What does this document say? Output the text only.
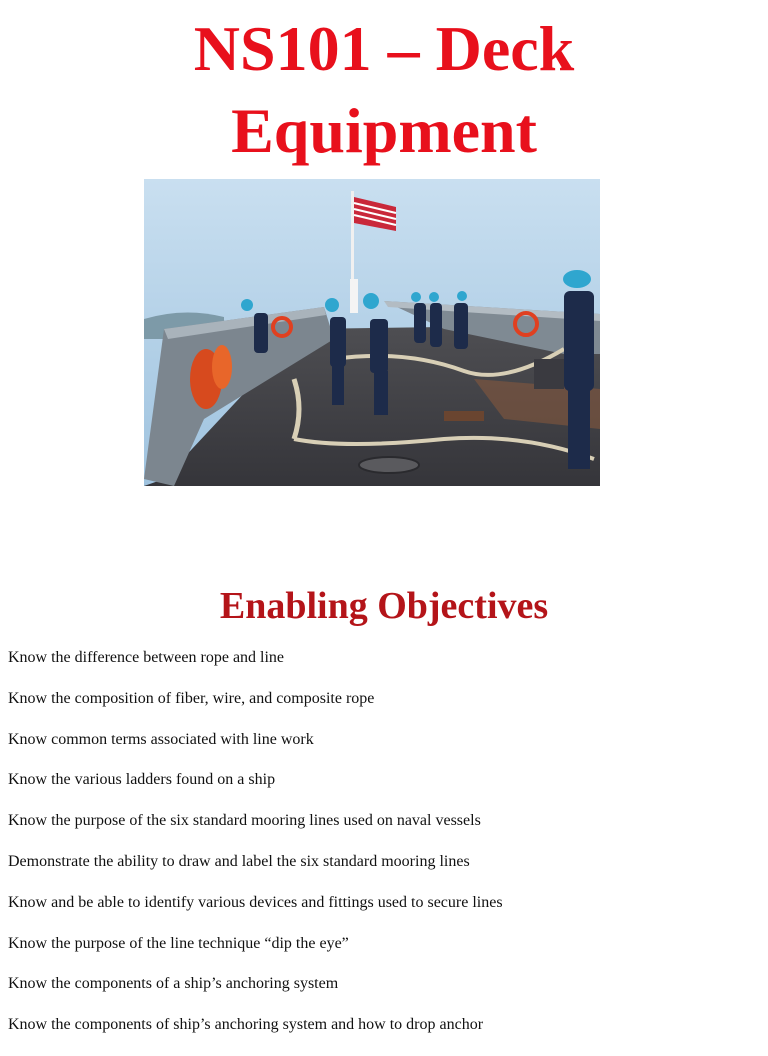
NS101 – Deck
Equipment
Enabling Objectives
Know the difference between rope and line
Know the composition of fiber, wire, and composite rope
Know common terms associated with line work
Know the various ladders found on a ship
Know the purpose of the six standard mooring lines used on naval vessels
Demonstrate the ability to draw and label the six standard mooring lines
Know and be able to identify various devices and fittings used to secure lines
Know the purpose of the line technique “dip the eye”
Know the components of a ship’s anchoring system
Know the components of ship’s anchoring system and how to drop anchor
